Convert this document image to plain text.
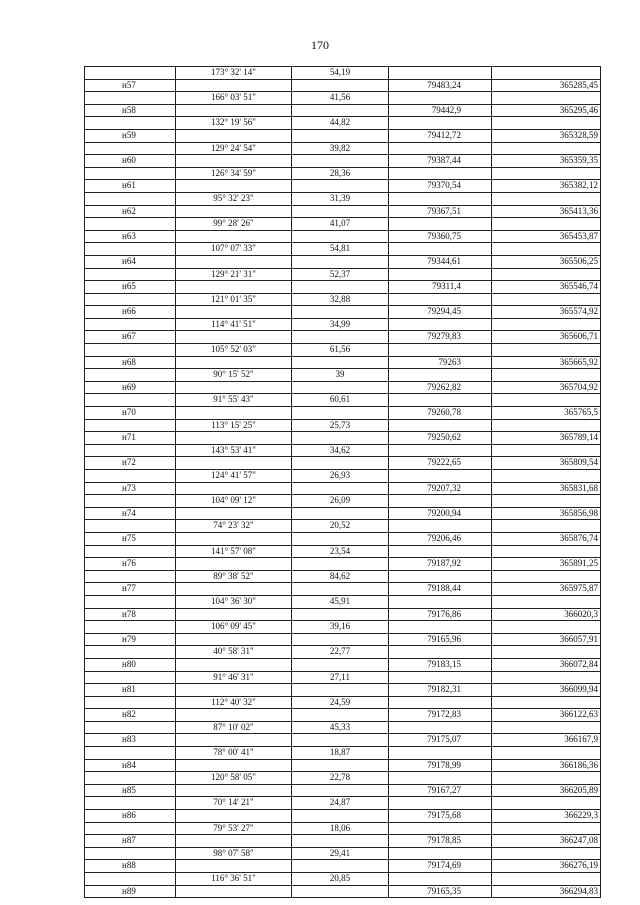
170
	173° 32' 14"	54,19		
н57			79483,24	365285,45
	166° 03' 51"	41,56		
н58			79442,9	365295,46
	132° 19' 56"	44,82		
н59			79412,72	365328,59
	129° 24' 54"	39,82		
н60			79387,44	365359,35
	126° 34' 59"	28,36		
н61			79370,54	365382,12
	95° 32' 23"	31,39		
н62			79367,51	365413,36
	99° 28' 26"	41,07		
н63			79360,75	365453,87
	107° 07' 33"	54,81		
н64			79344,61	365506,25
	129° 21' 31"	52,37		
н65			79311,4	365546,74
	121° 01' 35"	32,88		
н66			79294,45	365574,92
	114° 41' 51"	34,99		
н67			79279,83	365606,71
	105° 52' 03"	61,56		
н68			79263	365665,92
	90° 15' 52"	39		
н69			79262,82	365704,92
	91° 55' 43"	60,61		
н70			79260,78	365765,5
	113° 15' 25"	25,73		
н71			79250,62	365789,14
	143° 53' 41"	34,62		
н72			79222,65	365809,54
	124° 41' 57"	26,93		
н73			79207,32	365831,68
	104° 09' 12"	26,09		
н74			79200,94	365856,98
	74° 23' 32"	20,52		
н75			79206,46	365876,74
	141° 57' 08"	23,54		
н76			79187,92	365891,25
	89° 38' 52"	84,62		
н77			79188,44	365975,87
	104° 36' 30"	45,91		
н78			79176,86	366020,3
	106° 09' 45"	39,16		
н79			79165,96	366057,91
	40° 58' 31"	22,77		
н80			79183,15	366072,84
	91° 46' 31"	27,11		
н81			79182,31	366099,94
	112° 40' 32"	24,59		
н82			79172,83	366122,63
	87° 10' 02"	45,33		
н83			79175,07	366167,9
	78° 00' 41"	18,87		
н84			79178,99	366186,36
	120° 58' 05"	22,78		
н85			79167,27	366205,89
	70° 14' 21"	24,87		
н86			79175,68	366229,3
	79° 53' 27"	18,06		
н87			79178,85	366247,08
	98° 07' 58"	29,41		
н88			79174,69	366276,19
	116° 36' 51"	20,85		
н89			79165,35	366294,83
